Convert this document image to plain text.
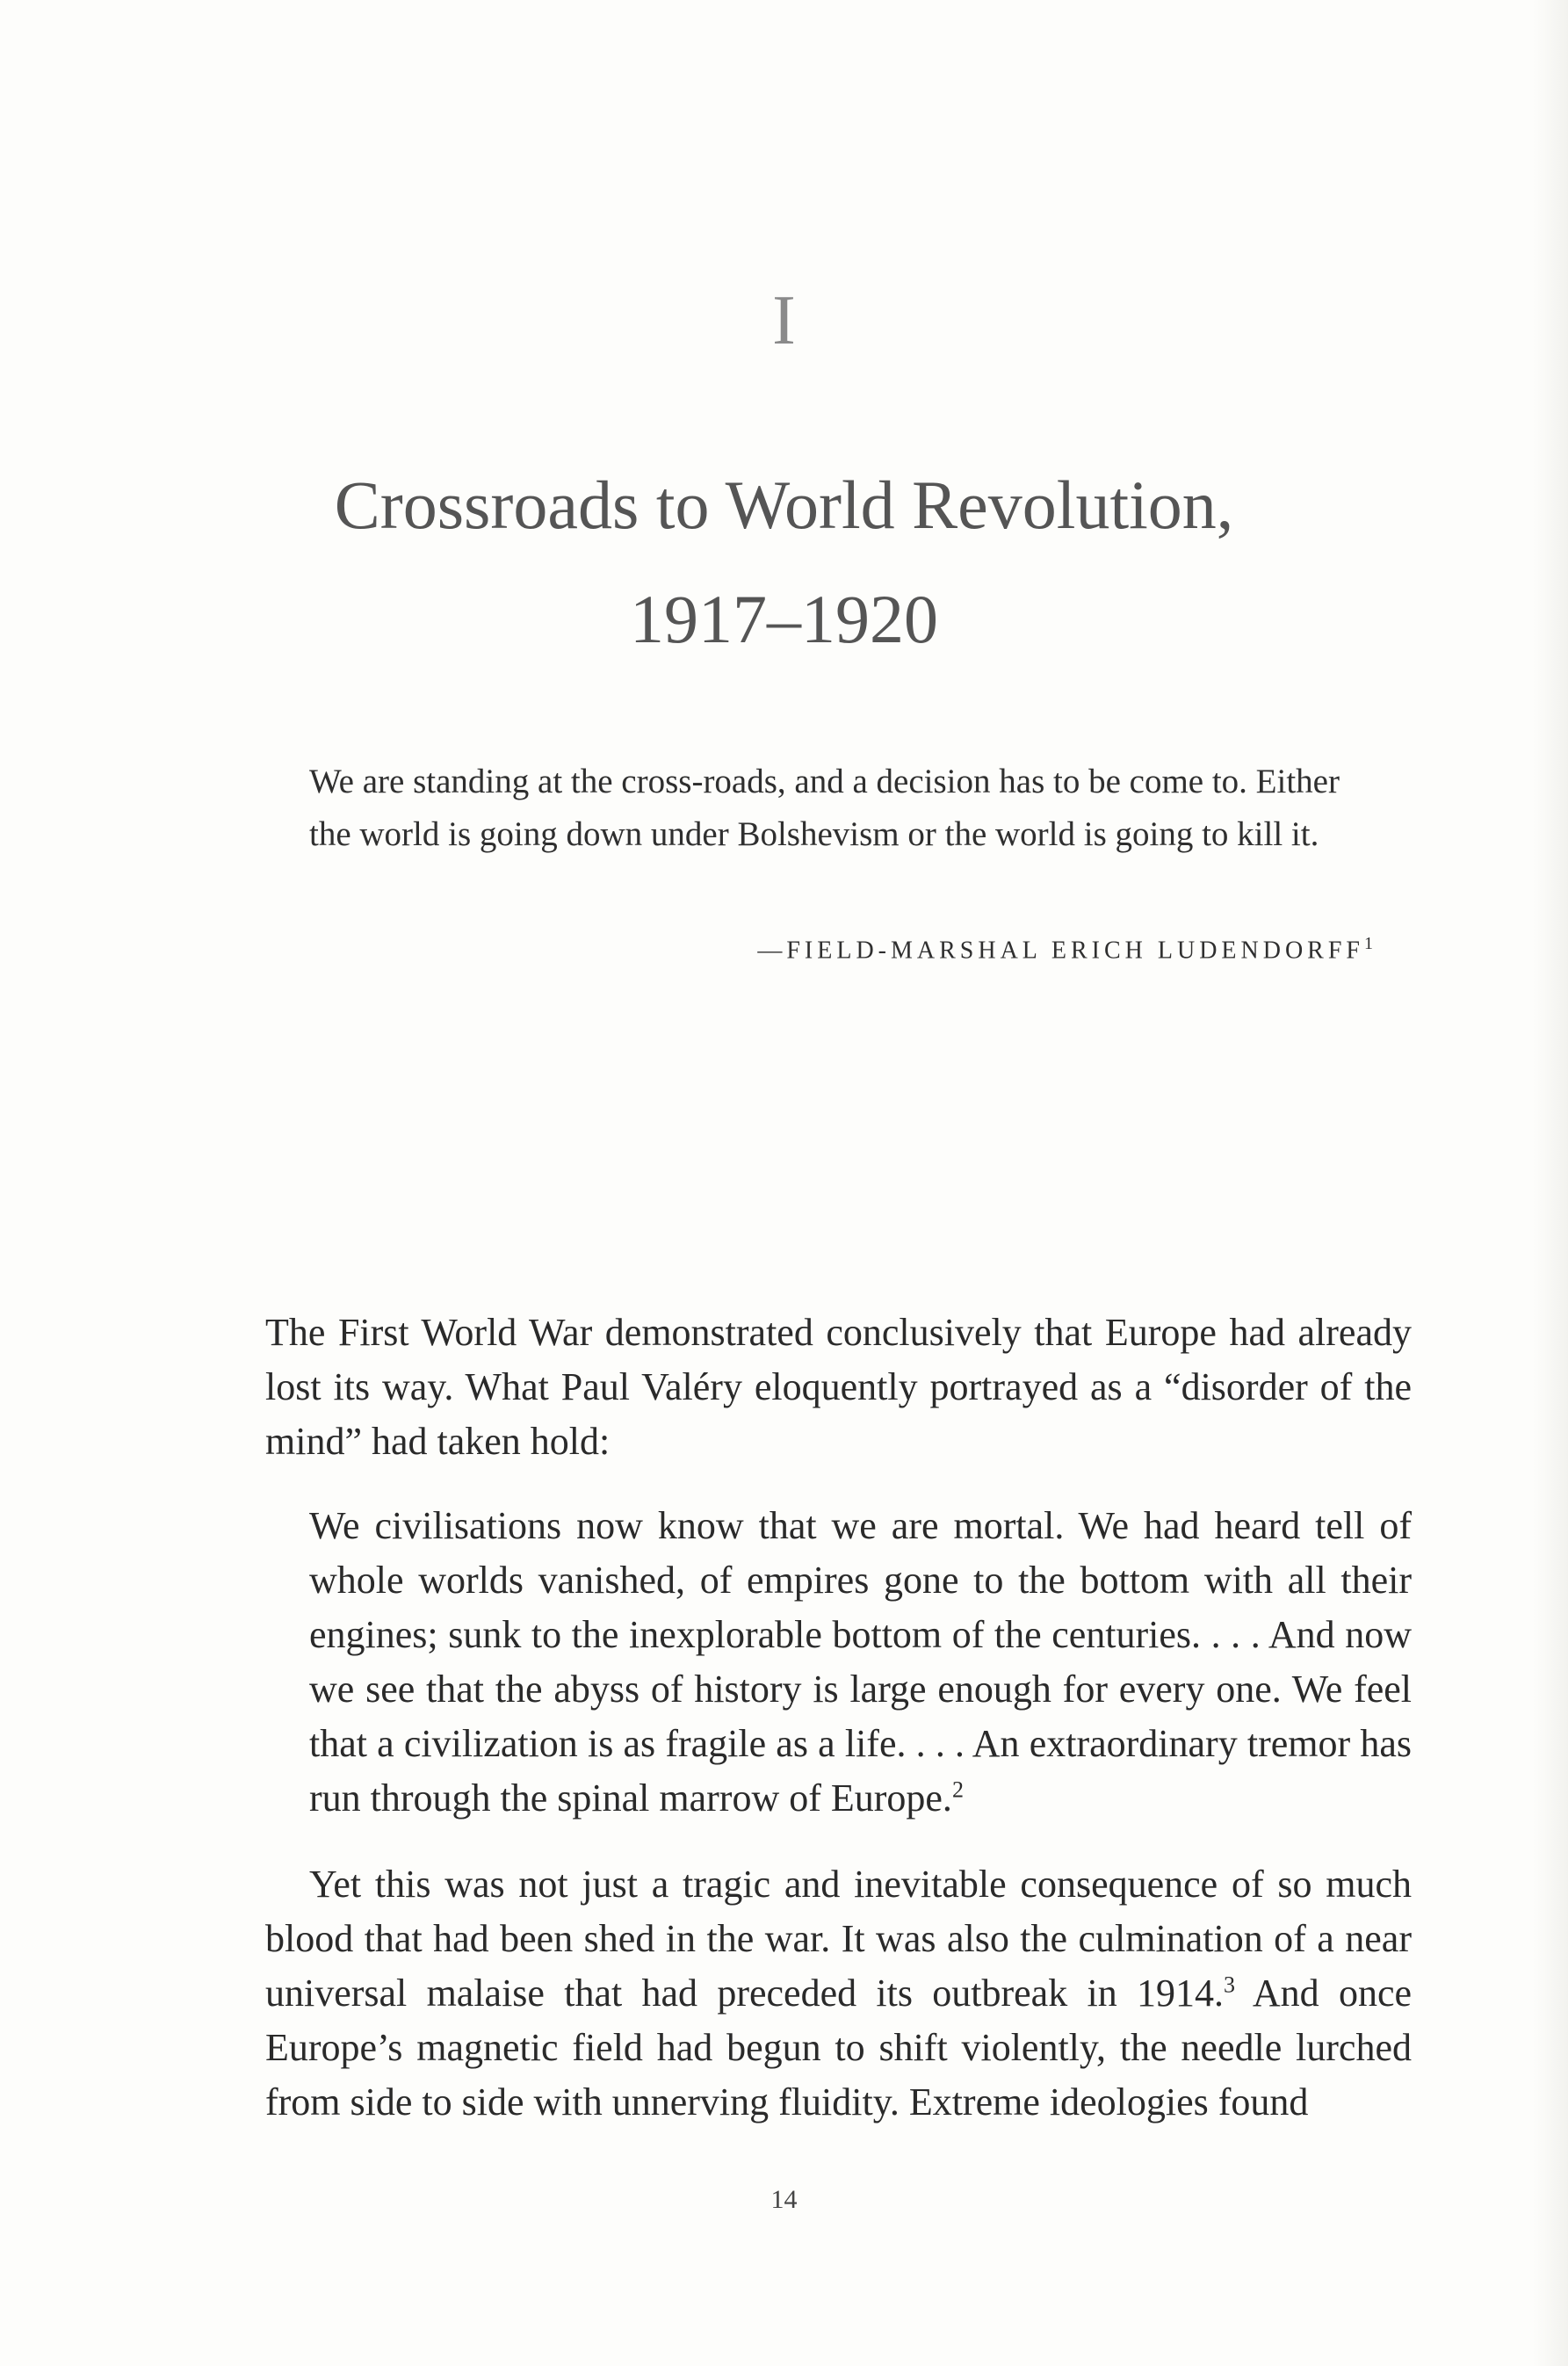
I
Crossroads to World Revolution,
1917–1920
We are standing at the cross-roads, and a decision has to be come to. Either the world is going down under Bolshevism or the world is going to kill it.
—FIELD-MARSHAL ERICH LUDENDORFF$^1$

The First World War demonstrated conclusively that Europe had already lost its way. What Paul Valéry eloquently portrayed as a “disorder of the mind” had taken hold:

We civilisations now know that we are mortal. We had heard tell of whole worlds vanished, of empires gone to the bottom with all their engines; sunk to the inexplorable bottom of the centuries. . . . And now we see that the abyss of history is large enough for every one. We feel that a civilization is as fragile as a life. . . . An extraordinary tremor has run through the spinal marrow of Europe.$^2$

Yet this was not just a tragic and inevitable consequence of so much blood that had been shed in the war. It was also the culmination of a near universal malaise that had preceded its outbreak in 1914.$^3$ And once Europe’s magnetic field had begun to shift violently, the needle lurched from side to side with unnerving fluidity. Extreme ideologies found

14
